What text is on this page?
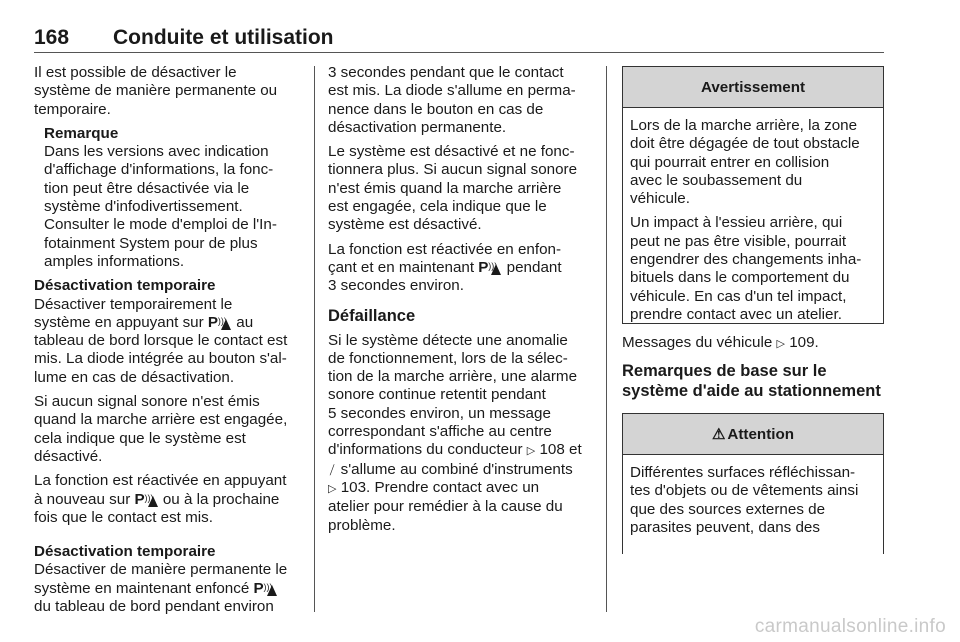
168 Conduite et utilisation

Il est possible de désactiver le
système de manière permanente ou
temporaire.

Remarque
Dans les versions avec indication
d'affichage d'informations, la fonc-
tion peut être désactivée via le
système d'infodivertissement.
Consulter le mode d'emploi de l'In-
fotainment System pour de plus
amples informations.

Désactivation temporaire
Désactiver temporairement le
système en appuyant sur P ))) au
tableau de bord lorsque le contact est
mis. La diode intégrée au bouton s'al-
lume en cas de désactivation.

Si aucun signal sonore n'est émis
quand la marche arrière est engagée,
cela indique que le système est
désactivé.

La fonction est réactivée en appuyant
à nouveau sur P ))) ou à la prochaine
fois que le contact est mis.

Désactivation temporaire
Désactiver de manière permanente le
système en maintenant enfoncé P )))
du tableau de bord pendant environ

3 secondes pendant que le contact
est mis. La diode s'allume en perma-
nence dans le bouton en cas de
désactivation permanente.

Le système est désactivé et ne fonc-
tionnera plus. Si aucun signal sonore
n'est émis quand la marche arrière
est engagée, cela indique que le
système est désactivé.

La fonction est réactivée en enfon-
çant et en maintenant P ))) pendant
3 secondes environ.

Défaillance

Si le système détecte une anomalie
de fonctionnement, lors de la sélec-
tion de la marche arrière, une alarme
sonore continue retentit pendant
5 secondes environ, un message
correspondant s'affiche au centre
d'informations du conducteur ▷ 108 et
⟋ s'allume au combiné d'instruments
▷ 103. Prendre contact avec un
atelier pour remédier à la cause du
problème.

Avertissement

Lors de la marche arrière, la zone
doit être dégagée de tout obstacle
qui pourrait entrer en collision
avec le soubassement du
véhicule.

Un impact à l'essieu arrière, qui
peut ne pas être visible, pourrait
engendrer des changements inha-
bituels dans le comportement du
véhicule. En cas d'un tel impact,
prendre contact avec un atelier.

Messages du véhicule ▷ 109.

Remarques de base sur le
système d'aide au stationnement
⚠ Attention
Différentes surfaces réfléchissan-
tes d'objets ou de vêtements ainsi
que des sources externes de
parasites peuvent, dans des
carmanualsonline.info
